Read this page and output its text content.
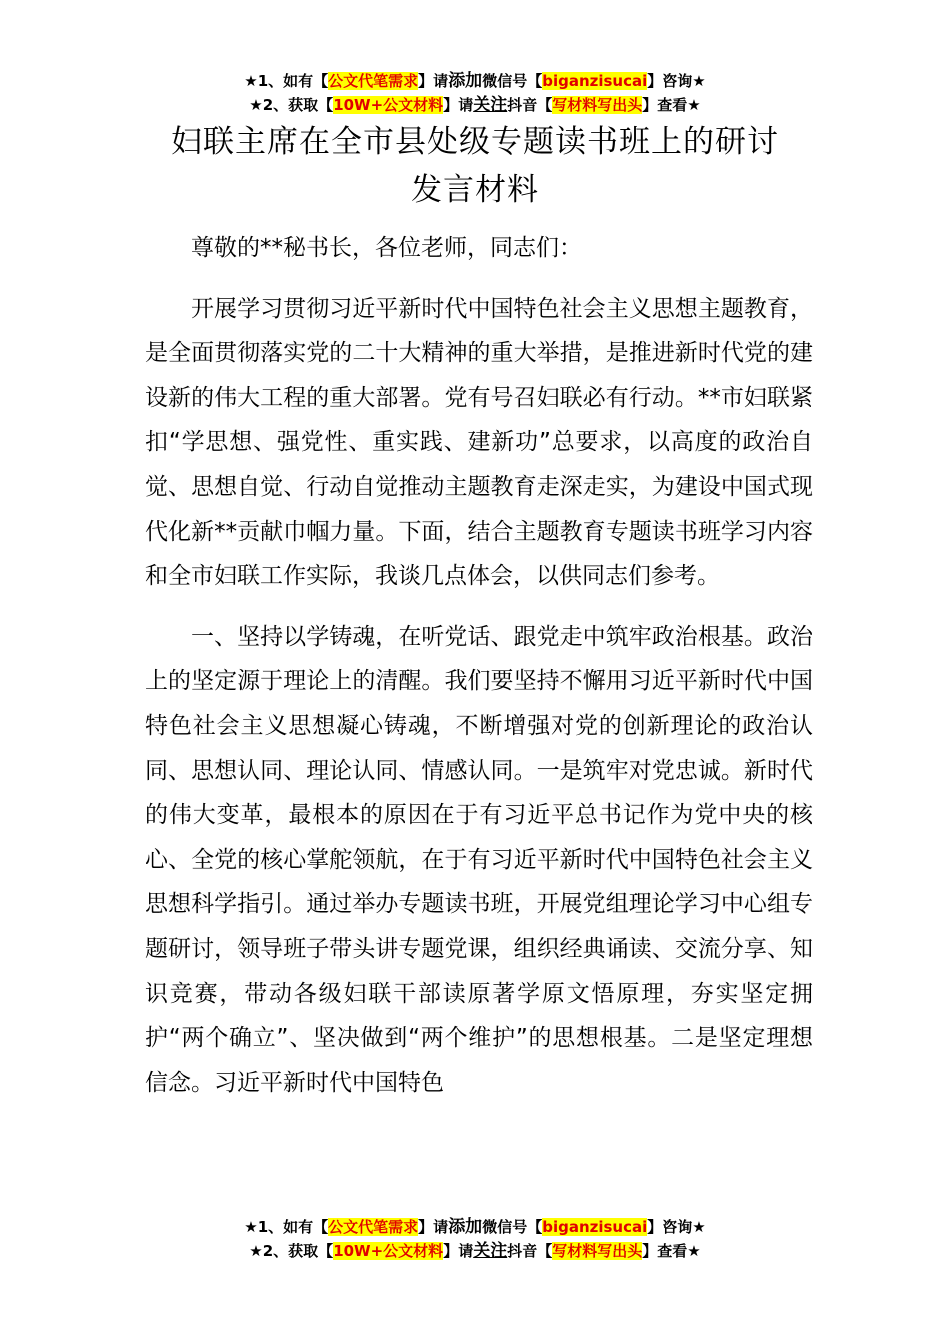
★1、如有【公文代笔需求】请添加微信号【biganzisucai】咨询★
★2、获取【10W+公文材料】请关注抖音【写材料写出头】查看★
妇联主席在全市县处级专题读书班上的研讨
发言材料

尊敬的**秘书长，各位老师，同志们：

开展学习贯彻习近平新时代中国特色社会主义思想主题教育，是全面贯彻落实党的二十大精神的重大举措，是推进新时代党的建设新的伟大工程的重大部署。党有号召妇联必有行动。**市妇联紧扣“学思想、强党性、重实践、建新功”总要求，以高度的政治自觉、思想自觉、行动自觉推动主题教育走深走实，为建设中国式现代化新**贡献巾帼力量。下面，结合主题教育专题读书班学习内容和全市妇联工作实际，我谈几点体会，以供同志们参考。

一、坚持以学铸魂，在听党话、跟党走中筑牢政治根基。政治上的坚定源于理论上的清醒。我们要坚持不懈用习近平新时代中国特色社会主义思想凝心铸魂，不断增强对党的创新理论的政治认同、思想认同、理论认同、情感认同。一是筑牢对党忠诚。新时代的伟大变革，最根本的原因在于有习近平总书记作为党中央的核心、全党的核心掌舵领航，在于有习近平新时代中国特色社会主义思想科学指引。通过举办专题读书班，开展党组理论学习中心组专题研讨，领导班子带头讲专题党课，组织经典诵读、交流分享、知识竞赛，带动各级妇联干部读原著学原文悟原理，夯实坚定拥护“两个确立”、坚决做到“两个维护”的思想根基。二是坚定理想信念。习近平新时代中国特色

★1、如有【公文代笔需求】请添加微信号【biganzisucai】咨询★
★2、获取【10W+公文材料】请关注抖音【写材料写出头】查看★
